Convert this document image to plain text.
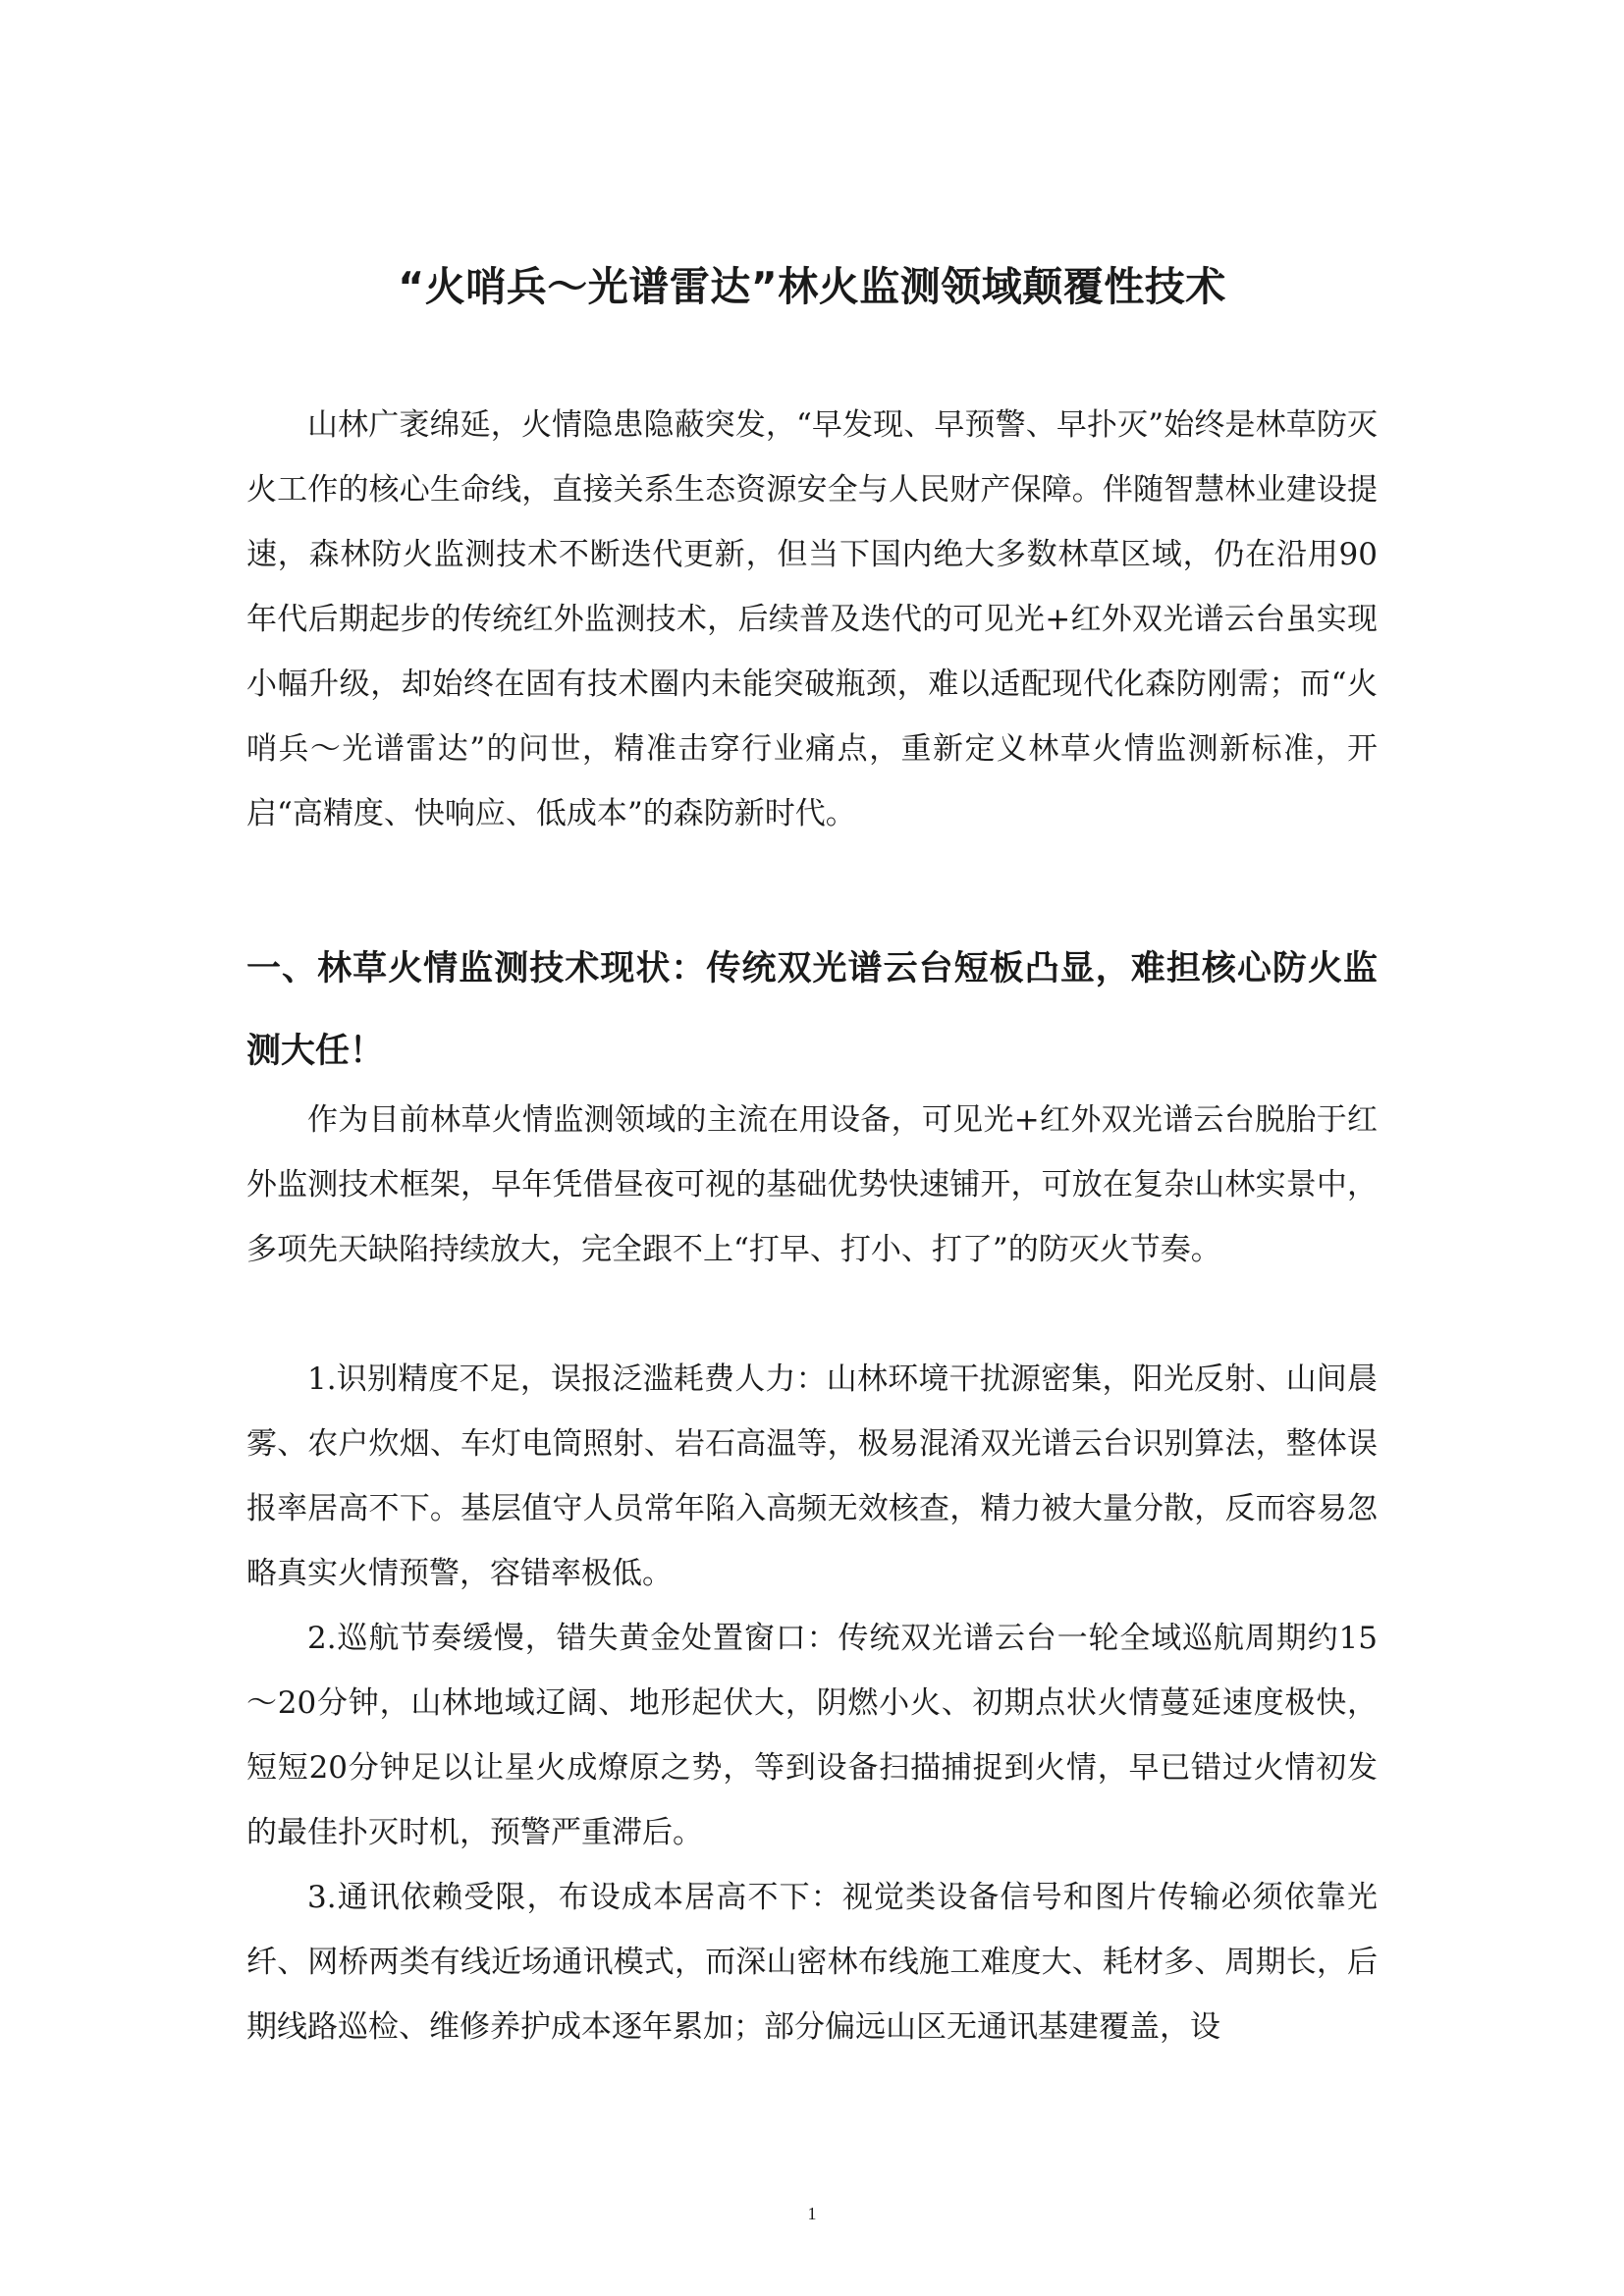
“火哨兵～光谱雷达”林火监测领域颠覆性技术

山林广袤绵延，火情隐患隐蔽突发，“早发现、早预警、早扑灭”始终是林草防灭火工作的核心生命线，直接关系生态资源安全与人民财产保障。伴随智慧林业建设提速，森林防火监测技术不断迭代更新，但当下国内绝大多数林草区域，仍在沿用90年代后期起步的传统红外监测技术，后续普及迭代的可见光+红外双光谱云台虽实现小幅升级，却始终在固有技术圈内未能突破瓶颈，难以适配现代化森防刚需；而“火哨兵～光谱雷达”的问世，精准击穿行业痛点，重新定义林草火情监测新标准，开启“高精度、快响应、低成本”的森防新时代。

一、林草火情监测技术现状：传统双光谱云台短板凸显，难担核心防火监测大任！

作为目前林草火情监测领域的主流在用设备，可见光+红外双光谱云台脱胎于红外监测技术框架，早年凭借昼夜可视的基础优势快速铺开，可放在复杂山林实景中，多项先天缺陷持续放大，完全跟不上“打早、打小、打了”的防灭火节奏。

1.识别精度不足，误报泛滥耗费人力：山林环境干扰源密集，阳光反射、山间晨雾、农户炊烟、车灯电筒照射、岩石高温等，极易混淆双光谱云台识别算法，整体误报率居高不下。基层值守人员常年陷入高频无效核查，精力被大量分散，反而容易忽略真实火情预警，容错率极低。

2.巡航节奏缓慢，错失黄金处置窗口：传统双光谱云台一轮全域巡航周期约15～20分钟，山林地域辽阔、地形起伏大，阴燃小火、初期点状火情蔓延速度极快，短短20分钟足以让星火成燎原之势，等到设备扫描捕捉到火情，早已错过火情初发的最佳扑灭时机，预警严重滞后。

3.通讯依赖受限，布设成本居高不下：视觉类设备信号和图片传输必须依靠光纤、网桥两类有线近场通讯模式，而深山密林布线施工难度大、耗材多、周期长，后期线路巡检、维修养护成本逐年累加；部分偏远山区无通讯基建覆盖，设

1
